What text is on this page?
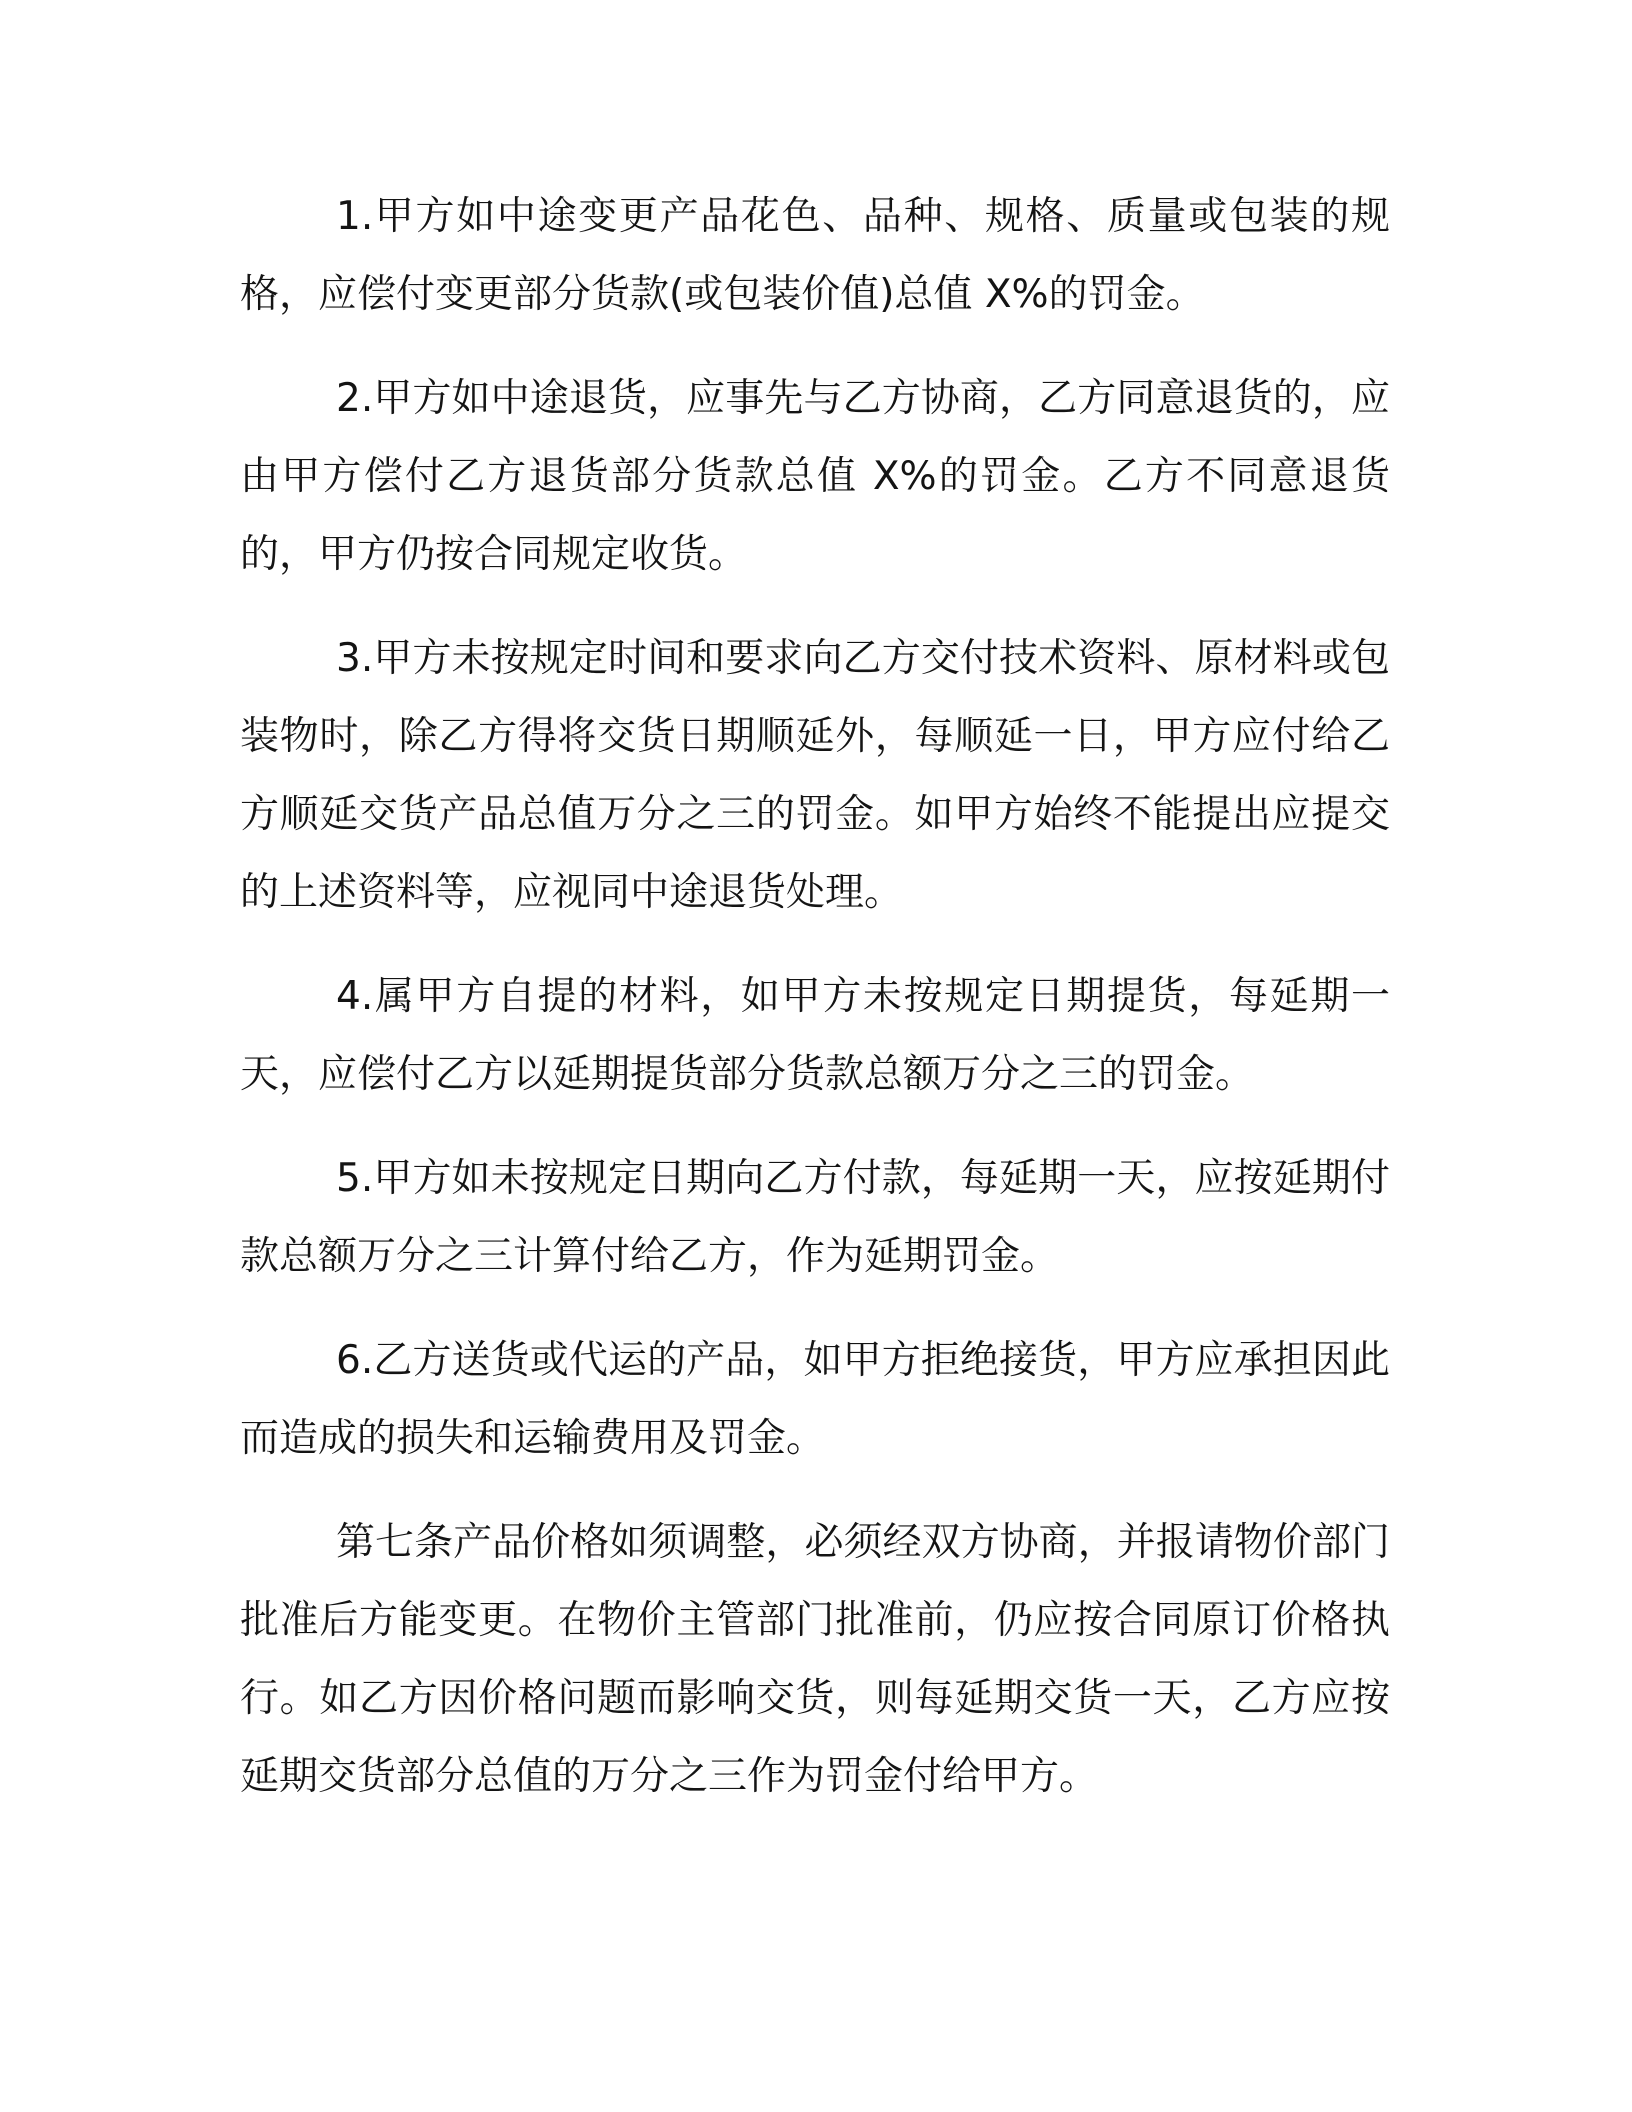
1.甲方如中途变更产品花色、品种、规格、质量或包装的规格，应偿付变更部分货款(或包装价值)总值 X%的罚金。

2.甲方如中途退货，应事先与乙方协商，乙方同意退货的，应由甲方偿付乙方退货部分货款总值 X%的罚金。乙方不同意退货的，甲方仍按合同规定收货。

3.甲方未按规定时间和要求向乙方交付技术资料、原材料或包装物时，除乙方得将交货日期顺延外，每顺延一日，甲方应付给乙方顺延交货产品总值万分之三的罚金。如甲方始终不能提出应提交的上述资料等，应视同中途退货处理。

4.属甲方自提的材料，如甲方未按规定日期提货，每延期一天，应偿付乙方以延期提货部分货款总额万分之三的罚金。

5.甲方如未按规定日期向乙方付款，每延期一天，应按延期付款总额万分之三计算付给乙方，作为延期罚金。

6.乙方送货或代运的产品，如甲方拒绝接货，甲方应承担因此而造成的损失和运输费用及罚金。

第七条产品价格如须调整，必须经双方协商，并报请物价部门批准后方能变更。在物价主管部门批准前，仍应按合同原订价格执行。如乙方因价格问题而影响交货，则每延期交货一天，乙方应按延期交货部分总值的万分之三作为罚金付给甲方。
